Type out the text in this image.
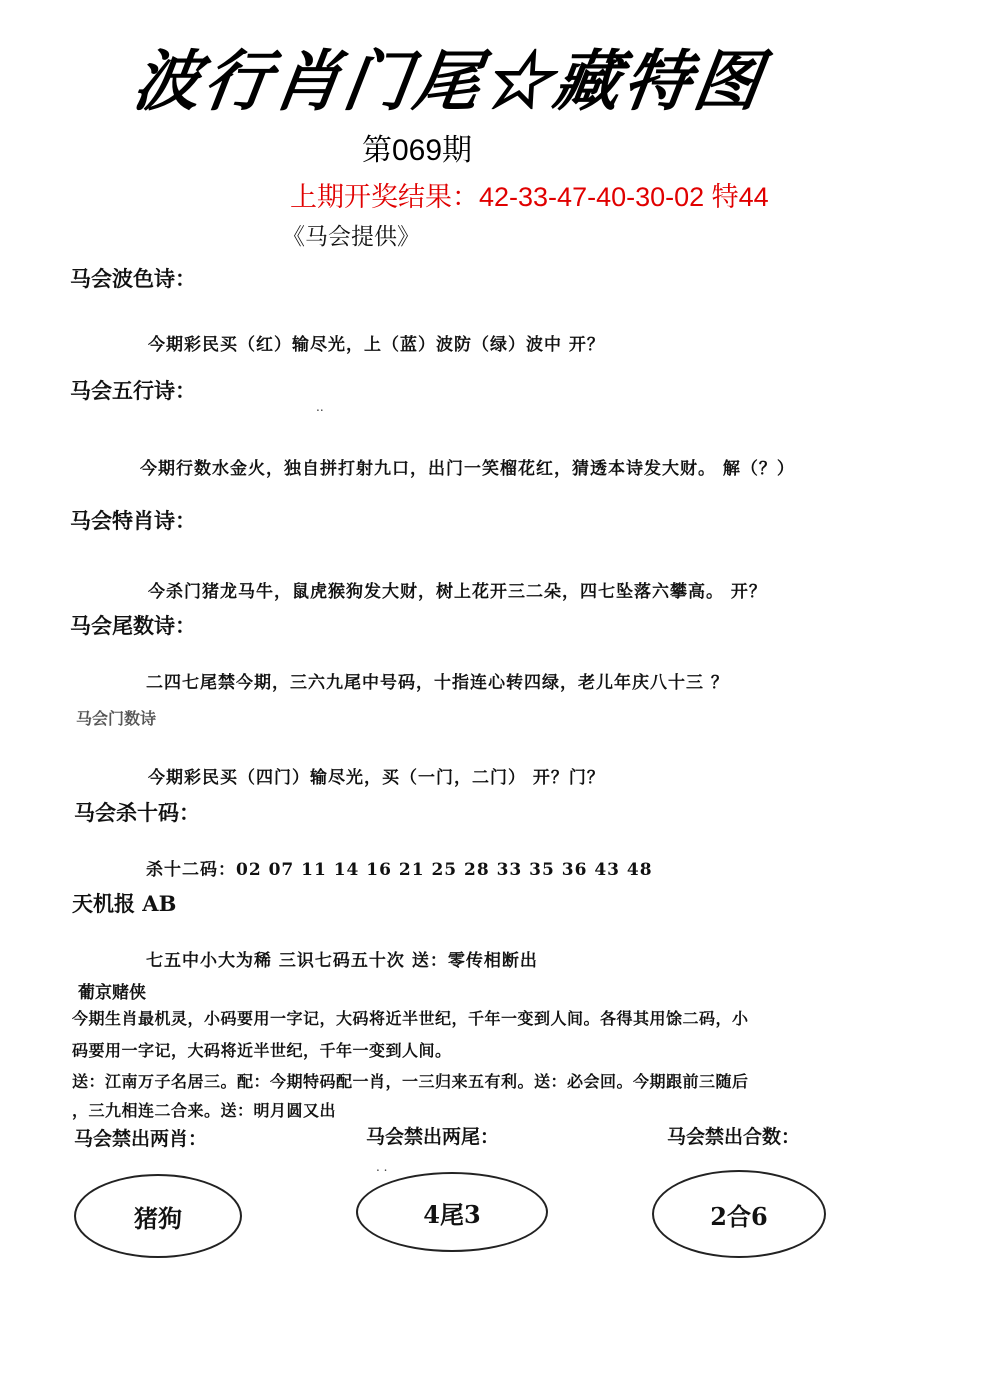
波行肖门尾☆藏特图
第069期
上期开奖结果：42-33-47-40-30-02 特44
《马会提供》
马会波色诗：
今期彩民买（红）输尽光，上（蓝）波防（绿）波中 开？
马会五行诗：
..
今期行数水金火，独自拼打射九口，出门一笑榴花红，猜透本诗发大财。 解（？）
马会特肖诗：
今杀门猪龙马牛，鼠虎猴狗发大财，树上花开三二朵，四七坠落六攀高。 开？
马会尾数诗：
二四七尾禁今期，三六九尾中号码，十指连心转四绿，老儿年庆八十三 ？
马会门数诗
今期彩民买（四门）输尽光，买（一门，二门） 开？门？
马会杀十码：
杀十二码：02 07 11 14 16 21 25 28 33 35 36 43 48
天机报 AB
七五中小大为稀 三识七码五十次 送：零传相断出
葡京赌侠
今期生肖最机灵，小码要用一字记，大码将近半世纪，千年一变到人间。各得其用馀二码，小
码要用一字记，大码将近半世纪，千年一变到人间。
送：江南万子名居三。配：今期特码配一肖，一三归来五有利。送：必会回。今期跟前三随后
，三九相连二合来。送：明月圆又出
马会禁出两肖：	马会禁出两尾：	马会禁出合数：
. .
猪狗	4尾3	2合6
